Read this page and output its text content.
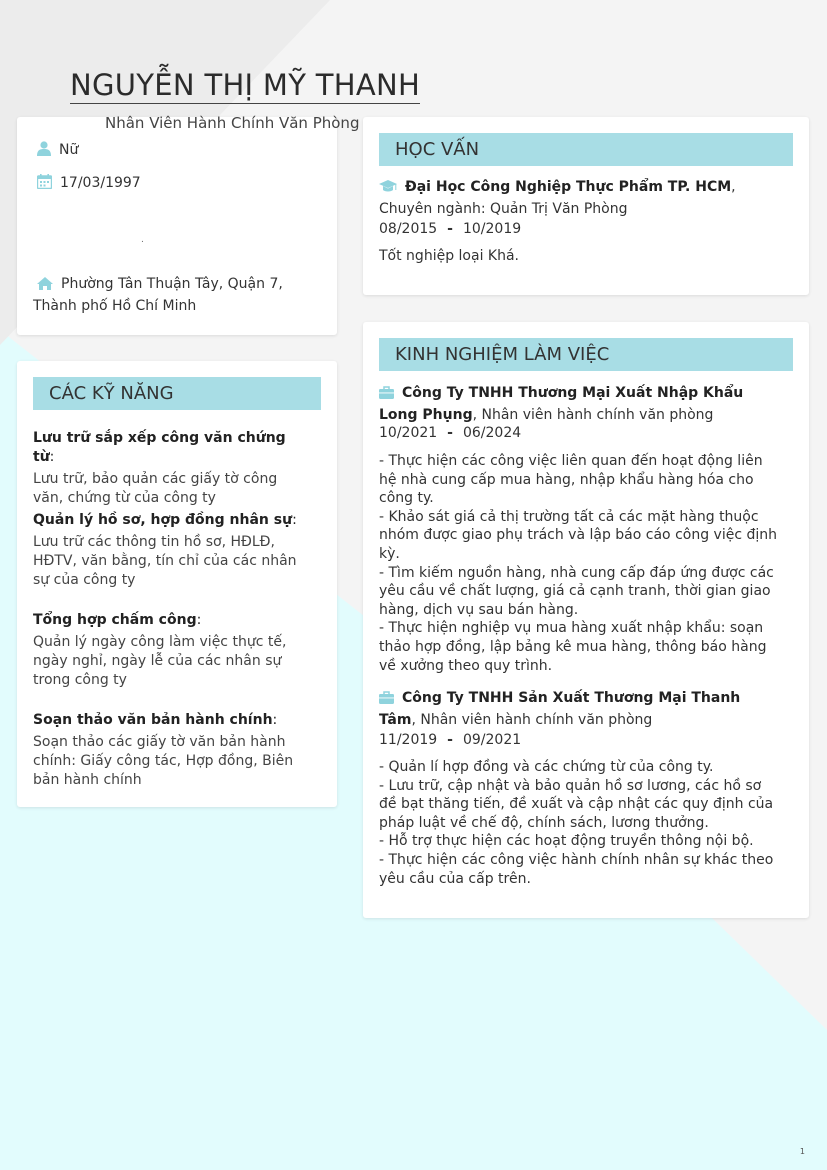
NGUYỄN THỊ MỸ THANH
Nữ
17/03/1997
.
Phường Tân Thuận Tây, Quận 7, Thành phố Hồ Chí Minh
Nhân Viên Hành Chính Văn Phòng
CÁC KỸ NĂNG
Lưu trữ sắp xếp công văn chứng từ:
Lưu trữ, bảo quản các giấy tờ công văn, chứng từ của công ty
Quản lý hồ sơ, hợp đồng nhân sự:
Lưu trữ các thông tin hồ sơ, HĐLĐ, HĐTV, văn bằng, tín chỉ của các nhân sự của công ty
Tổng hợp chấm công:
Quản lý ngày công làm việc thực tế, ngày nghỉ, ngày lễ của các nhân sự trong công ty
Soạn thảo văn bản hành chính:
Soạn thảo các giấy tờ văn bản hành chính: Giấy công tác, Hợp đồng, Biên bản hành chính
HỌC VẤN
Đại Học Công Nghiệp Thực Phẩm TP. HCM, Chuyên ngành: Quản Trị Văn Phòng
08/2015 - 10/2019
Tốt nghiệp loại Khá.
KINH NGHIỆM LÀM VIỆC
Công Ty TNHH Thương Mại Xuất Nhập Khẩu Long Phụng, Nhân viên hành chính văn phòng
10/2021 - 06/2024
- Thực hiện các công việc liên quan đến hoạt động liên hệ nhà cung cấp mua hàng, nhập khẩu hàng hóa cho công ty.
- Khảo sát giá cả thị trường tất cả các mặt hàng thuộc nhóm được giao phụ trách và lập báo cáo công việc định kỳ.
- Tìm kiếm nguồn hàng, nhà cung cấp đáp ứng được các yêu cầu về chất lượng, giá cả cạnh tranh, thời gian giao hàng, dịch vụ sau bán hàng.
- Thực hiện nghiệp vụ mua hàng xuất nhập khẩu: soạn thảo hợp đồng, lập bảng kê mua hàng, thông báo hàng về xưởng theo quy trình.
Công Ty TNHH Sản Xuất Thương Mại Thanh Tâm, Nhân viên hành chính văn phòng
11/2019 - 09/2021
- Quản lí hợp đồng và các chứng từ của công ty.
- Lưu trữ, cập nhật và bảo quản hồ sơ lương, các hồ sơ đề bạt thăng tiến, đề xuất và cập nhật các quy định của pháp luật về chế độ, chính sách, lương thưởng.
- Hỗ trợ thực hiện các hoạt động truyền thông nội bộ.
- Thực hiện các công việc hành chính nhân sự khác theo yêu cầu của cấp trên.
1
